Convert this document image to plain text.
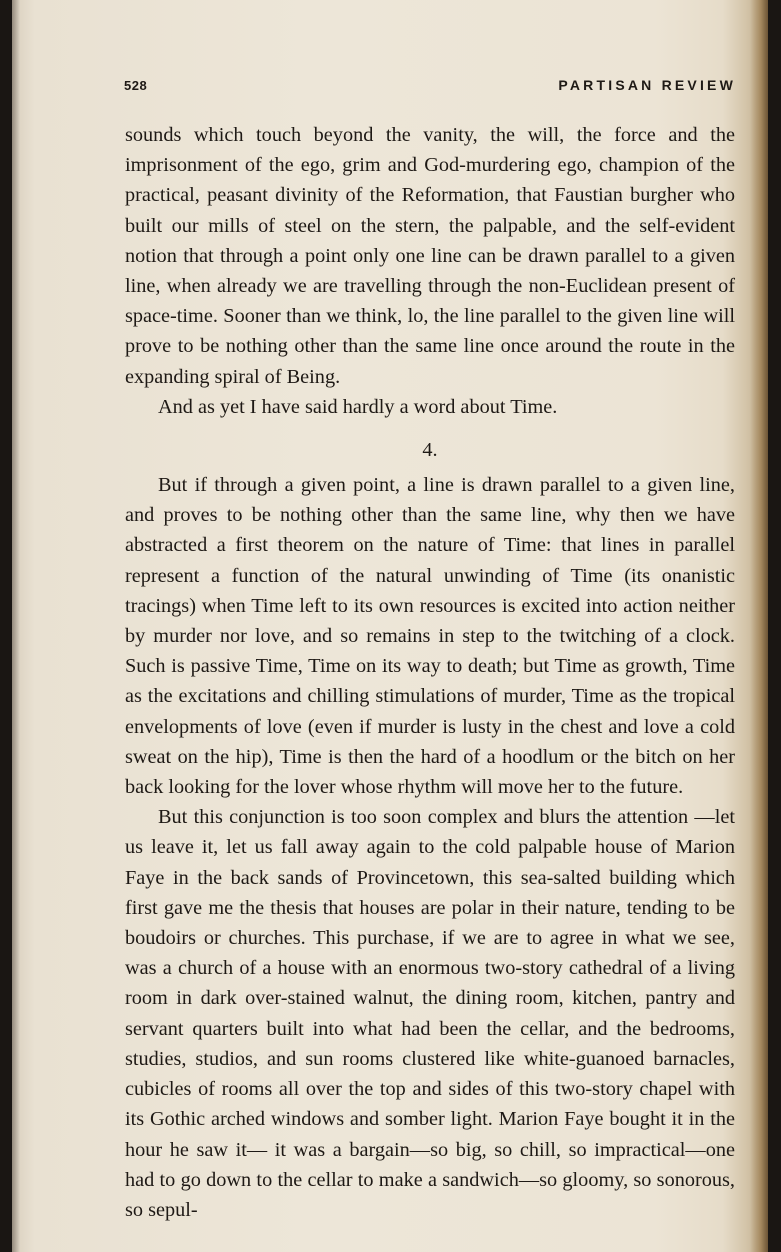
528	PARTISAN REVIEW

sounds which touch beyond the vanity, the will, the force and the imprisonment of the ego, grim and God-murdering ego, champion of the practical, peasant divinity of the Reformation, that Faustian burgher who built our mills of steel on the stern, the palpable, and the self-evident notion that through a point only one line can be drawn parallel to a given line, when already we are travelling through the non-Euclidean present of space-time. Sooner than we think, lo, the line parallel to the given line will prove to be nothing other than the same line once around the route in the expanding spiral of Being.

And as yet I have said hardly a word about Time.

4.

But if through a given point, a line is drawn parallel to a given line, and proves to be nothing other than the same line, why then we have abstracted a first theorem on the nature of Time: that lines in parallel represent a function of the natural unwinding of Time (its onanistic tracings) when Time left to its own resources is excited into action neither by murder nor love, and so remains in step to the twitching of a clock. Such is passive Time, Time on its way to death; but Time as growth, Time as the excitations and chilling stimulations of murder, Time as the tropical envelopments of love (even if murder is lusty in the chest and love a cold sweat on the hip), Time is then the hard of a hoodlum or the bitch on her back looking for the lover whose rhythm will move her to the future.

But this conjunction is too soon complex and blurs the attention —let us leave it, let us fall away again to the cold palpable house of Marion Faye in the back sands of Provincetown, this sea-salted building which first gave me the thesis that houses are polar in their nature, tending to be boudoirs or churches. This purchase, if we are to agree in what we see, was a church of a house with an enormous two-story cathedral of a living room in dark over-stained walnut, the dining room, kitchen, pantry and servant quarters built into what had been the cellar, and the bedrooms, studies, studios, and sun rooms clustered like white-guanoed barnacles, cubicles of rooms all over the top and sides of this two-story chapel with its Gothic arched windows and somber light. Marion Faye bought it in the hour he saw it— it was a bargain—so big, so chill, so impractical—one had to go down to the cellar to make a sandwich—so gloomy, so sonorous, so sepul-
